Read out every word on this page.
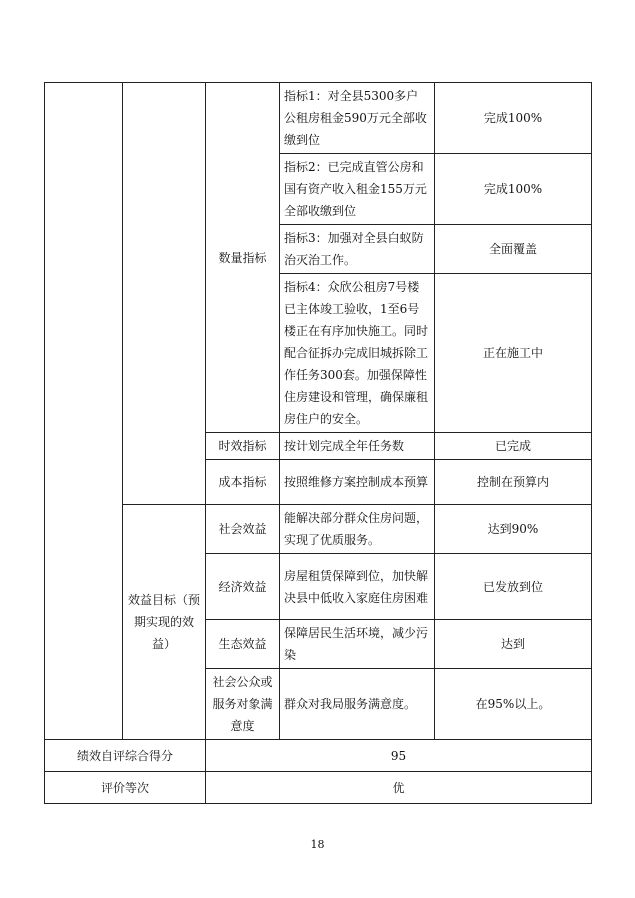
		数量指标	指标1：对全县5300多户公租房租金590万元全部收缴到位	完成100%
			指标2：已完成直管公房和国有资产收入租金155万元全部收缴到位	完成100%
			指标3：加强对全县白蚁防治灭治工作。	全面覆盖
			指标4：众欣公租房7号楼已主体竣工验收，1至6号楼正在有序加快施工。同时配合征拆办完成旧城拆除工作任务300套。加强保障性住房建设和管理，确保廉租房住户的安全。	正在施工中
		时效指标	按计划完成全年任务数	已完成
		成本指标	按照维修方案控制成本预算	控制在预算内
	效益目标（预期实现的效益）	社会效益	能解决部分群众住房问题，实现了优质服务。	达到90%
		经济效益	房屋租赁保障到位，加快解决县中低收入家庭住房困难	已发放到位
		生态效益	保障居民生活环境，减少污染	达到
		社会公众或服务对象满意度	群众对我局服务满意度。	在95%以上。

绩效自评综合得分		95		
评价等次		优		
18
